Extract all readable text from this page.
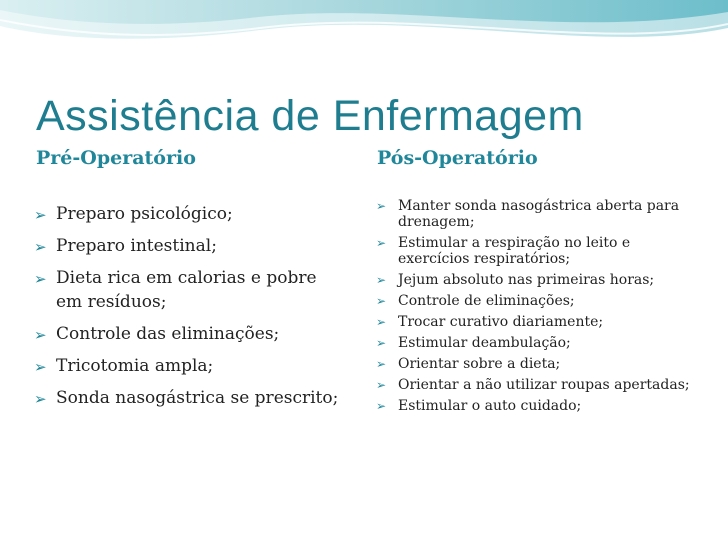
Assistência de Enfermagem
Pré-Operatório	Pós-Operatório
➢ Preparo psicológico;
➢ Preparo intestinal;
➢ Dieta rica em calorias e pobre em resíduos;
➢ Controle das eliminações;
➢ Tricotomia ampla;
➢ Sonda nasogástrica se prescrito;
➢ Manter sonda nasogástrica aberta para drenagem;
➢ Estimular a respiração no leito e exercícios respiratórios;
➢ Jejum absoluto nas primeiras horas;
➢ Controle de eliminações;
➢ Trocar curativo diariamente;
➢ Estimular deambulação;
➢ Orientar sobre a dieta;
➢ Orientar a não utilizar roupas apertadas;
➢ Estimular o auto cuidado;
